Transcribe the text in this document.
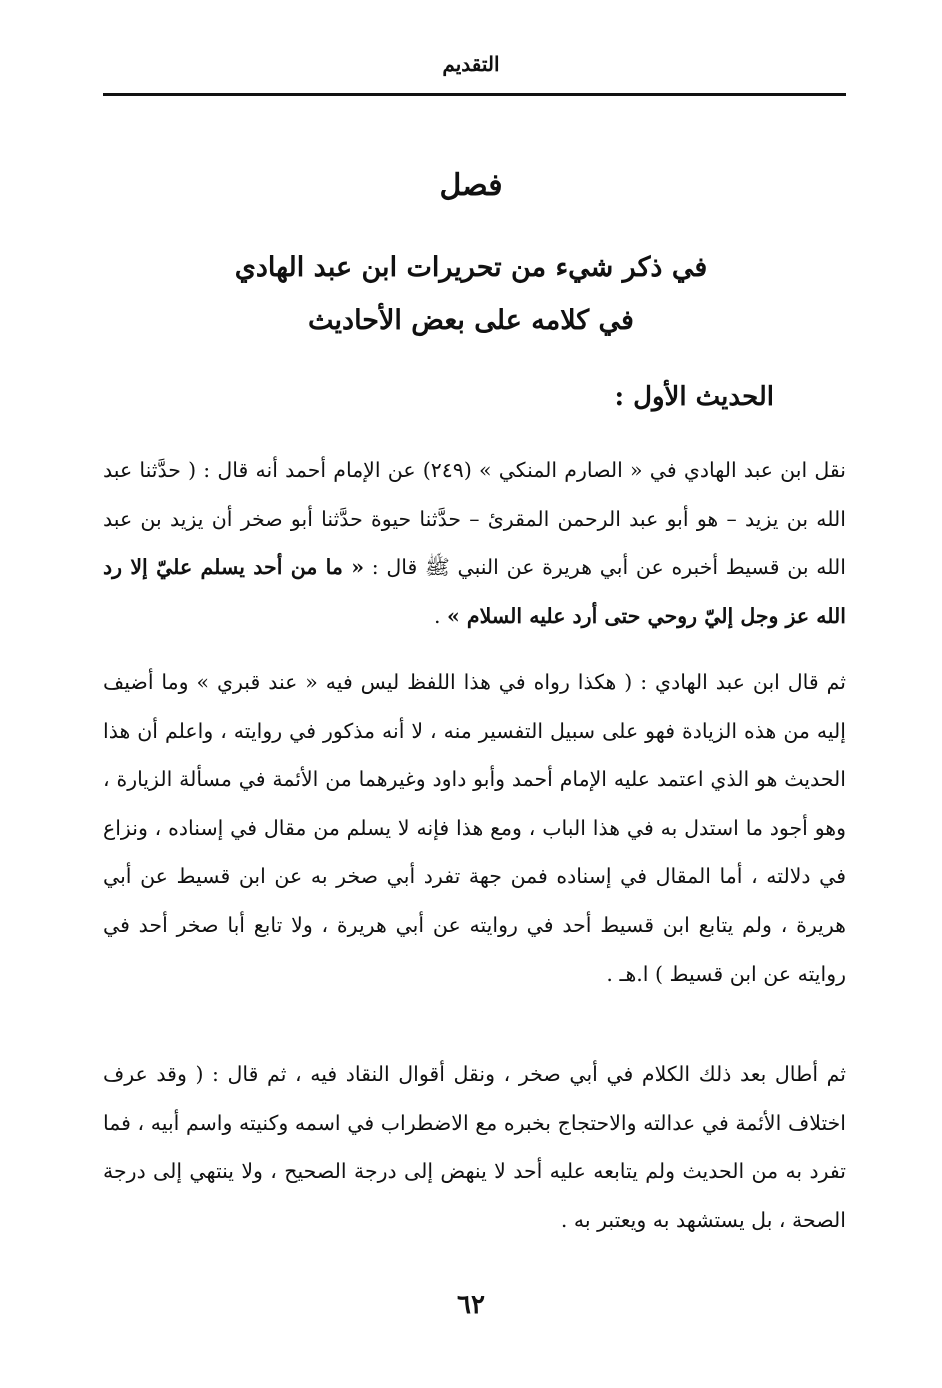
التقديم
فصل
في ذكر شيء من تحريرات ابن عبد الهادي
في كلامه على بعض الأحاديث
الحديث الأول :
نقل ابن عبد الهادي في « الصارم المنكي » (٢٤٩) عن الإمام أحمد أنه قال : ( حدَّثنا عبد الله بن يزيد – هو أبو عبد الرحمن المقرئ – حدَّثنا حيوة حدَّثنا أبو صخر أن يزيد بن عبد الله بن قسيط أخبره عن أبي هريرة عن النبي ﷺ قال : « ما من أحد يسلم عليّ إلا رد الله عز وجل إليّ روحي حتى أرد عليه السلام » .
ثم قال ابن عبد الهادي : ( هكذا رواه في هذا اللفظ ليس فيه « عند قبري » وما أضيف إليه من هذه الزيادة فهو على سبيل التفسير منه ، لا أنه مذكور في روايته ، واعلم أن هذا الحديث هو الذي اعتمد عليه الإمام أحمد وأبو داود وغيرهما من الأئمة في مسألة الزيارة ، وهو أجود ما استدل به في هذا الباب ، ومع هذا فإنه لا يسلم من مقال في إسناده ، ونزاع في دلالته ، أما المقال في إسناده فمن جهة تفرد أبي صخر به عن ابن قسيط عن أبي هريرة ، ولم يتابع ابن قسيط أحد في روايته عن أبي هريرة ، ولا تابع أبا صخر أحد في روايته عن ابن قسيط ) ا.هـ .
ثم أطال بعد ذلك الكلام في أبي صخر ، ونقل أقوال النقاد فيه ، ثم قال : ( وقد عرف اختلاف الأئمة في عدالته والاحتجاج بخبره مع الاضطراب في اسمه وكنيته واسم أبيه ، فما تفرد به من الحديث ولم يتابعه عليه أحد لا ينهض إلى درجة الصحيح ، ولا ينتهي إلى درجة الصحة ، بل يستشهد به ويعتبر به .
٦٢
